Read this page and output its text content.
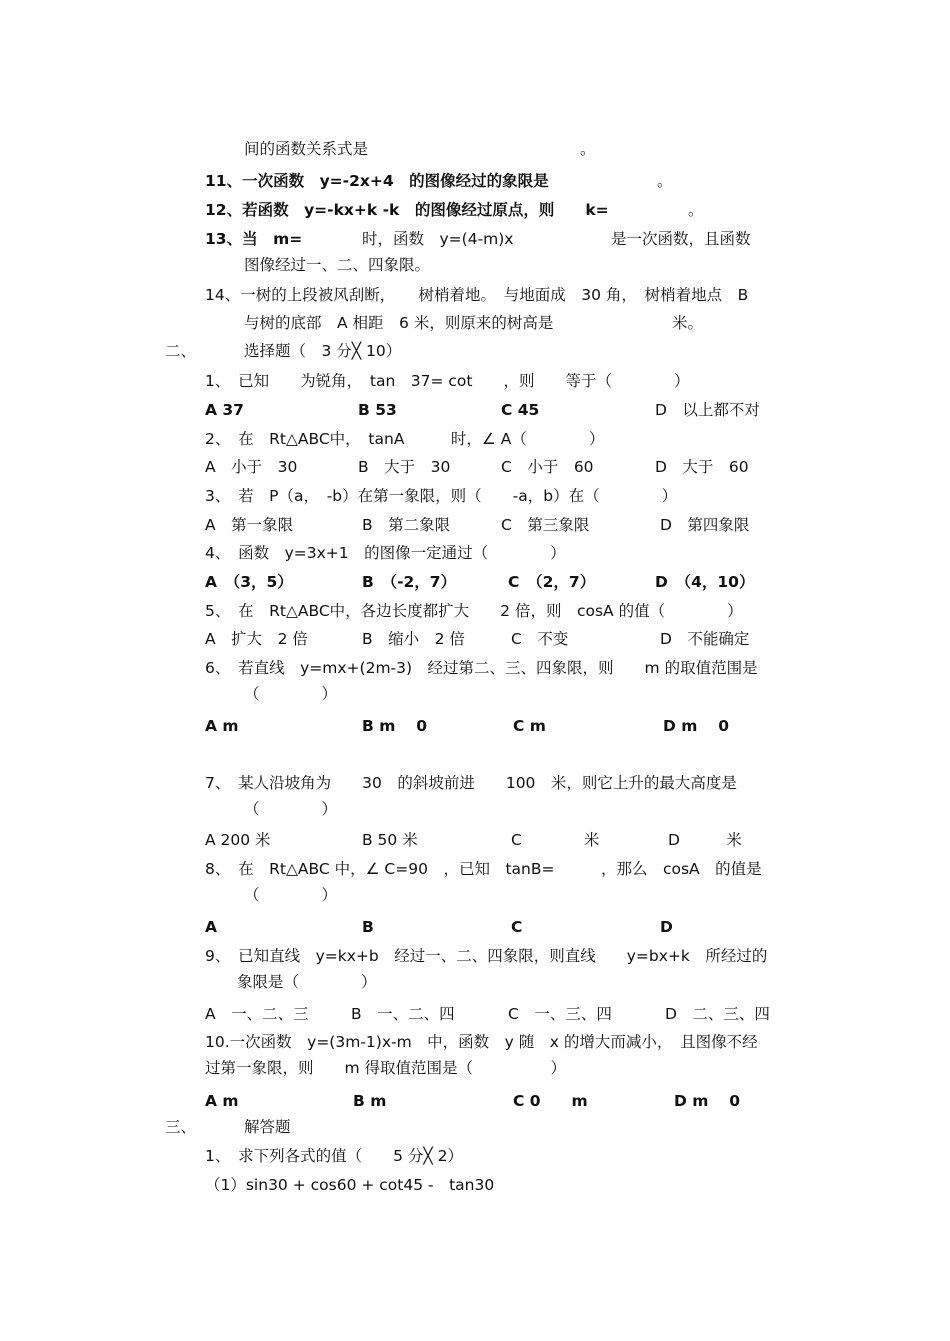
间的函数关系式是	。
11、一次函数　y=-2x+4　的图像经过的象限是	。
12、若函数　y=-kx+k -k　的图像经过原点，则　　k=	。
13、当　m=	时，函数　y=(4-m)x	是一次函数，且函数
图像经过一、二、四象限。
14、一树的上段被风刮断，　　树梢着地。　与地面成　30 角，　树梢着地点　B
与树的底部　A 相距　6 米，则原来的树高是	米。
二、	选择题（　3 分╳ 10）
1、　已知　　为锐角，　tan　37= cot　　，则　　等于（　　　　）
A 37	B 53	C 45	D　以上都不对
2、　在　Rt△ABC中，　tanA　　　时，∠ A（　　　　）
A　小于　30	B　大于　30	C　小于　60	D　大于　60
3、　若　P（a，　-b）在第一象限，则（　　-a，b）在（　　　　）
A　第一象限	B　第二象限	C　第三象限	D　第四象限
4、　函数　y=3x+1　的图像一定通过（　　　　）
A　（3，5）	B　（-2，7）	C　（2，7）	D　（4，10）
5、　在　Rt△ABC中，各边长度都扩大　　2 倍，则　cosA 的值（　　　　）
A　扩大　2 倍	B　缩小　2 倍	C　不变	D　不能确定
6、　若直线　y=mx+(2m-3)　经过第二、三、四象限，则　　m 的取值范围是
（　　　　）
A m	B m　 0	C m	D m　 0
7、　某人沿坡角为　　30　的斜坡前进　　100　米，则它上升的最大高度是
（　　　　）
A 200 米	B 50 米	C　　　　米	D　　　米
8、　在　Rt△ABC 中，∠ C=90　，已知　tanB=　　　，那么　cosA　的值是
（　　　　）
A	B	C	D
9、　已知直线　y=kx+b　经过一、二、四象限，则直线　　y=bx+k　所经过的
象限是（　　　　）
A　一、二、三	B　一、二、四	C　一、三、四	D　二、三、四
10.一次函数　y=(3m-1)x-m　中，函数　y 随　x 的增大而减小，　且图像不经
过第一象限，则　　m 得取值范围是（　　　　　）
A m	B m	C 0　　m	D m　 0
三、	解答题
1、　求下列各式的值（　　5 分╳ 2）
（1）sin30 + cos60 + cot45 -　tan30
